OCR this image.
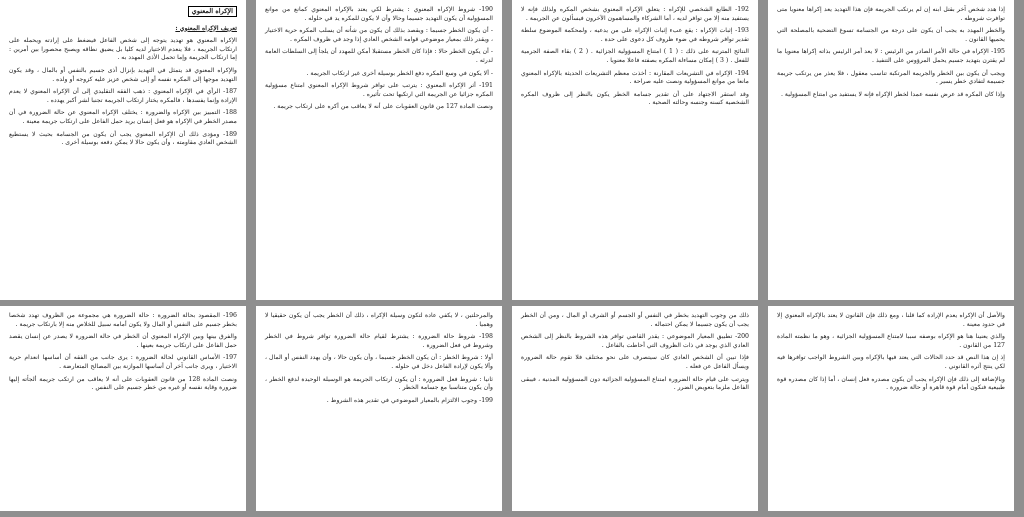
الإكراه المعنوي
تعريف الإكراه المعنوي :

الإكراه المعنوي هو تهديد يتوجه إلى شخص الفاعل فيضغط على إرادته ويحمله على ارتكاب الجريمة ، فلا ينعدم الاختيار لديه كليا بل يضيق نطاقه ويصبح محصورا بين أمرين : إما ارتكاب الجريمة وإما تحمل الأذى المهدد به .

والإكراه المعنوي قد يتمثل في التهديد بإنزال أذى جسيم بالنفس أو بالمال ، وقد يكون التهديد موجها إلى المكره نفسه أو إلى شخص عزيز عليه كزوجه أو ولده .

187- الرأي في الإكراه المعنوي : ذهب الفقه التقليدي إلى أن الإكراه المعنوي لا يعدم الإرادة وإنما يفسدها ، فالمكره يختار ارتكاب الجريمة تجنبا لشر أكبر يهدده .

188- التمييز بين الإكراه والضرورة : يختلف الإكراه المعنوي عن حالة الضرورة في أن مصدر الخطر في الإكراه هو فعل إنسان يريد حمل الفاعل على ارتكاب جريمة معينة .

189- ومؤدى ذلك أن الإكراه المعنوي يجب أن يكون من الجسامة بحيث لا يستطيع الشخص العادي مقاومته ، وأن يكون حالا لا يمكن دفعه بوسيلة أخرى .

190- شروط الإكراه المعنوي : يشترط لكي يعتد بالإكراه المعنوي كمانع من موانع المسؤولية أن يكون التهديد جسيما وحالا وأن لا يكون للمكره يد في حلوله .

- أن يكون الخطر جسيما : ويقصد بذلك أن يكون من شأنه أن يسلب المكره حرية الاختيار ، ويقدر ذلك بمعيار موضوعي قوامه الشخص العادي إذا وجد في ظروف المكره .

- أن يكون الخطر حالا : فإذا كان الخطر مستقبلا أمكن للمهدد أن يلجأ إلى السلطات العامة لدرئه .

- ألا يكون في وسع المكره دفع الخطر بوسيلة أخرى غير ارتكاب الجريمة .

191- أثر الإكراه المعنوي : يترتب على توافر شروط الإكراه المعنوي امتناع مسؤولية المكره جزائيا عن الجريمة التي ارتكبها تحت تأثيره .

ونصت المادة 127 من قانون العقوبات على أنه لا يعاقب من أكره على ارتكاب جريمة .

192- الطابع الشخصي للإكراه : يتعلق الإكراه المعنوي بشخص المكره ولذلك فإنه لا يستفيد منه إلا من توافر لديه ، أما الشركاء والمساهمون الآخرون فيسألون عن الجريمة .

193- إثبات الإكراه : يقع عبء إثبات الإكراه على من يدعيه ، ولمحكمة الموضوع سلطة تقدير توافر شروطه في ضوء ظروف كل دعوى على حدة .

النتائج المترتبة على ذلك : ( 1 ) امتناع المسؤولية الجزائية . ( 2 ) بقاء الصفة الجرمية للفعل . ( 3 ) إمكان مساءلة المكره بصفته فاعلا معنويا .

194- الإكراه في التشريعات المقارنة : أخذت معظم التشريعات الحديثة بالإكراه المعنوي مانعا من موانع المسؤولية ونصت عليه صراحة .

وقد استقر الاجتهاد على أن تقدير جسامة الخطر يكون بالنظر إلى ظروف المكره الشخصية كسنه وجنسه وحالته الصحية .

إذا هدد شخص آخر بقتل ابنه إن لم يرتكب الجريمة فإن هذا التهديد يعد إكراها معنويا متى توافرت شروطه .

والخطر المهدد به يجب أن يكون على درجة من الجسامة تسوغ التضحية بالمصلحة التي يحميها القانون .

195- الإكراه في حالة الأمر الصادر من الرئيس : لا يعد أمر الرئيس بذاته إكراها معنويا ما لم يقترن بتهديد جسيم يحمل المرؤوس على التنفيذ .

ويجب أن يكون بين الخطر والجريمة المرتكبة تناسب معقول ، فلا يعذر من يرتكب جريمة جسيمة لتفادي خطر يسير .

وإذا كان المكره قد عرض نفسه عمدا لخطر الإكراه فإنه لا يستفيد من امتناع المسؤولية .

196- المقصود بحالة الضرورة : حالة الضرورة هي مجموعة من الظروف تهدد شخصا بخطر جسيم على النفس أو المال ولا يكون أمامه سبيل للخلاص منه إلا بارتكاب جريمة .

والفرق بينها وبين الإكراه المعنوي أن الخطر في حالة الضرورة لا يصدر عن إنسان يقصد حمل الفاعل على ارتكاب جريمة بعينها .

197- الأساس القانوني لحالة الضرورة : يرى جانب من الفقه أن أساسها انعدام حرية الاختيار ، ويرى جانب آخر أن أساسها الموازنة بين المصالح المتعارضة .

ونصت المادة 128 من قانون العقوبات على أنه لا يعاقب من ارتكب جريمة ألجأته إليها ضرورة وقاية نفسه أو غيره من خطر جسيم على النفس .

والمرحلتين ، لا يكفي عادة لتكون وسيلة الإكراه ، ذلك أن الخطر يجب أن يكون حقيقيا لا وهميا .

198- شروط حالة الضرورة : يشترط لقيام حالة الضرورة توافر شروط في الخطر وشروط في فعل الضرورة .

أولا : شروط الخطر : أن يكون الخطر جسيما ، وأن يكون حالا ، وأن يهدد النفس أو المال ، وألا يكون لإرادة الفاعل دخل في حلوله .

ثانيا : شروط فعل الضرورة : أن يكون ارتكاب الجريمة هو الوسيلة الوحيدة لدفع الخطر ، وأن يكون متناسبا مع جسامة الخطر .

199- وجوب الالتزام بالمعيار الموضوعي في تقدير هذه الشروط .

ذلك من وجوب التهديد بخطر في النفس أو الجسم أو الشرف أو المال ، ومن أن الخطر يجب أن يكون جسيما لا يمكن احتماله .

200- تطبيق المعيار الموضوعي : يقدر القاضي توافر هذه الشروط بالنظر إلى الشخص العادي الذي يوجد في ذات الظروف التي أحاطت بالفاعل .

فإذا تبين أن الشخص العادي كان سيتصرف على نحو مختلف فلا تقوم حالة الضرورة ويسأل الفاعل عن فعله .

ويترتب على قيام حالة الضرورة امتناع المسؤولية الجزائية دون المسؤولية المدنية ، فيبقى الفاعل ملزما بتعويض الضرر .

والأصل أن الإكراه يعدم الإرادة كما قلنا ، ومع ذلك فإن القانون لا يعتد بالإكراه المعنوي إلا في حدود معينة .

والذي يعنينا هنا هو الإكراه بوصفه سببا لامتناع المسؤولية الجزائية ، وهو ما نظمته المادة 127 من القانون .

إذ إن هذا النص قد حدد الحالات التي يعتد فيها بالإكراه وبين الشروط الواجب توافرها فيه لكي ينتج أثره القانوني .

وبالإضافة إلى ذلك فإن الإكراه يجب أن يكون مصدره فعل إنسان ، أما إذا كان مصدره قوة طبيعية فنكون أمام قوة قاهرة أو حالة ضرورة .
